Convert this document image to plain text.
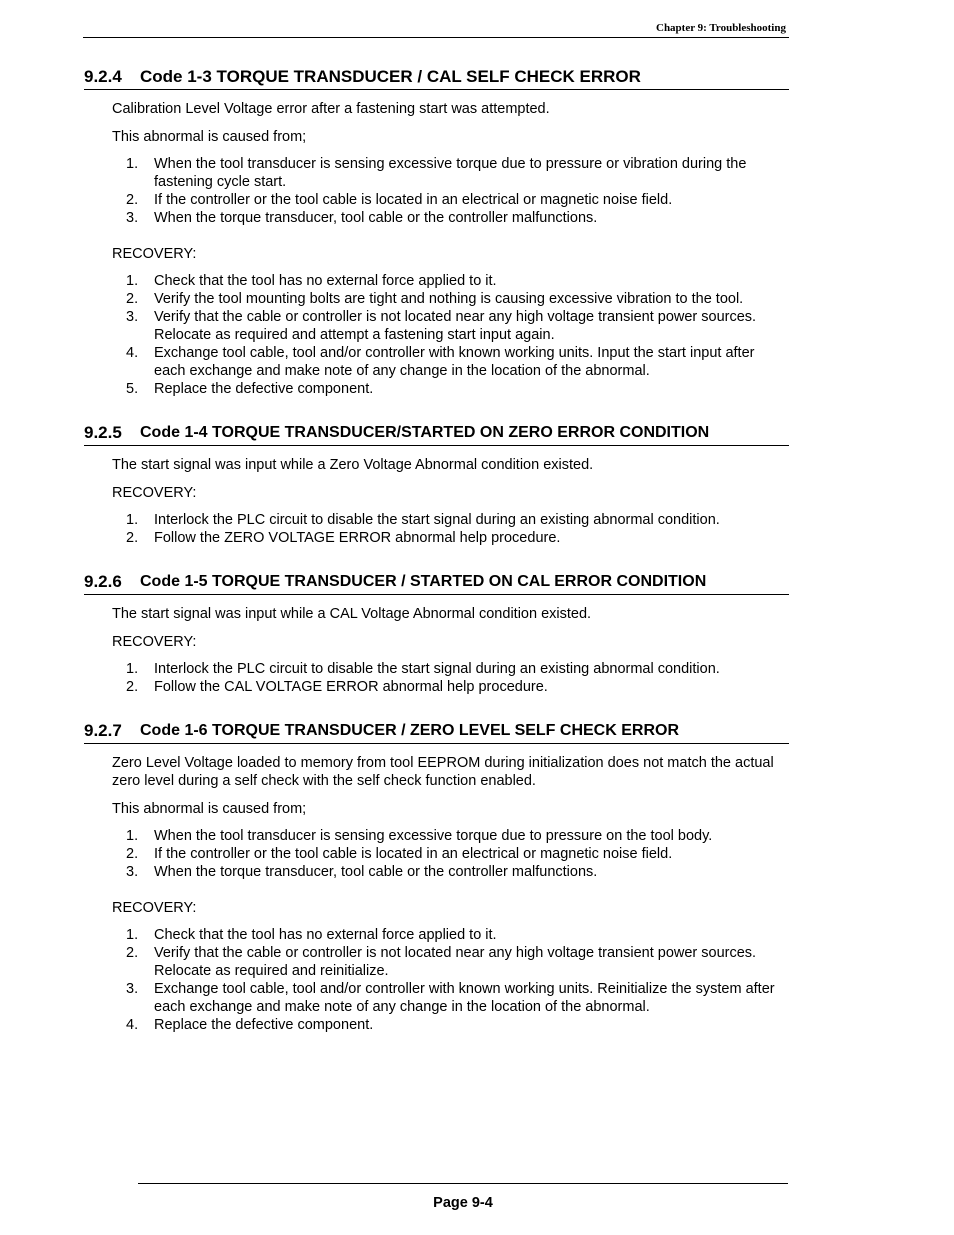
Chapter 9: Troubleshooting
9.2.4	Code 1-3 TORQUE TRANSDUCER / CAL SELF CHECK ERROR

Calibration Level Voltage error after a fastening start was attempted.

This abnormal is caused from;

1.	When the tool transducer is sensing excessive torque due to pressure or vibration during the fastening cycle start.
2.	If the controller or the tool cable is located in an electrical or magnetic noise field.
3.	When the torque transducer, tool cable or the controller malfunctions.

RECOVERY:

1.	Check that the tool has no external force applied to it.
2.	Verify the tool mounting bolts are tight and nothing is causing excessive vibration to the tool.
3.	Verify that the cable or controller is not located near any high voltage transient power sources. Relocate as required and attempt a fastening start input again.
4.	Exchange tool cable, tool and/or controller with known working units. Input the start input after each exchange and make note of any change in the location of the abnormal.
5.	Replace the defective component.
9.2.5	Code 1-4 TORQUE TRANSDUCER/STARTED ON ZERO ERROR CONDITION

The start signal was input while a Zero Voltage Abnormal condition existed.

RECOVERY:

1.	Interlock the PLC circuit to disable the start signal during an existing abnormal condition.
2.	Follow the ZERO VOLTAGE ERROR abnormal help procedure.
9.2.6	Code 1-5 TORQUE TRANSDUCER / STARTED ON CAL ERROR CONDITION

The start signal was input while a CAL Voltage Abnormal condition existed.

RECOVERY:

1.	Interlock the PLC circuit to disable the start signal during an existing abnormal condition.
2.	Follow the CAL VOLTAGE ERROR abnormal help procedure.
9.2.7	Code 1-6 TORQUE TRANSDUCER / ZERO LEVEL SELF CHECK ERROR

Zero Level Voltage loaded to memory from tool EEPROM during initialization does not match the actual zero level during a self check with the self check function enabled.

This abnormal is caused from;

1.	When the tool transducer is sensing excessive torque due to pressure on the tool body.
2.	If the controller or the tool cable is located in an electrical or magnetic noise field.
3.	When the torque transducer, tool cable or the controller malfunctions.

RECOVERY:

1.	Check that the tool has no external force applied to it.
2.	Verify that the cable or controller is not located near any high voltage transient power sources. Relocate as required and reinitialize.
3.	Exchange tool cable, tool and/or controller with known working units. Reinitialize the system after each exchange and make note of any change in the location of the abnormal.
4.	Replace the defective component.
Page 9-4
